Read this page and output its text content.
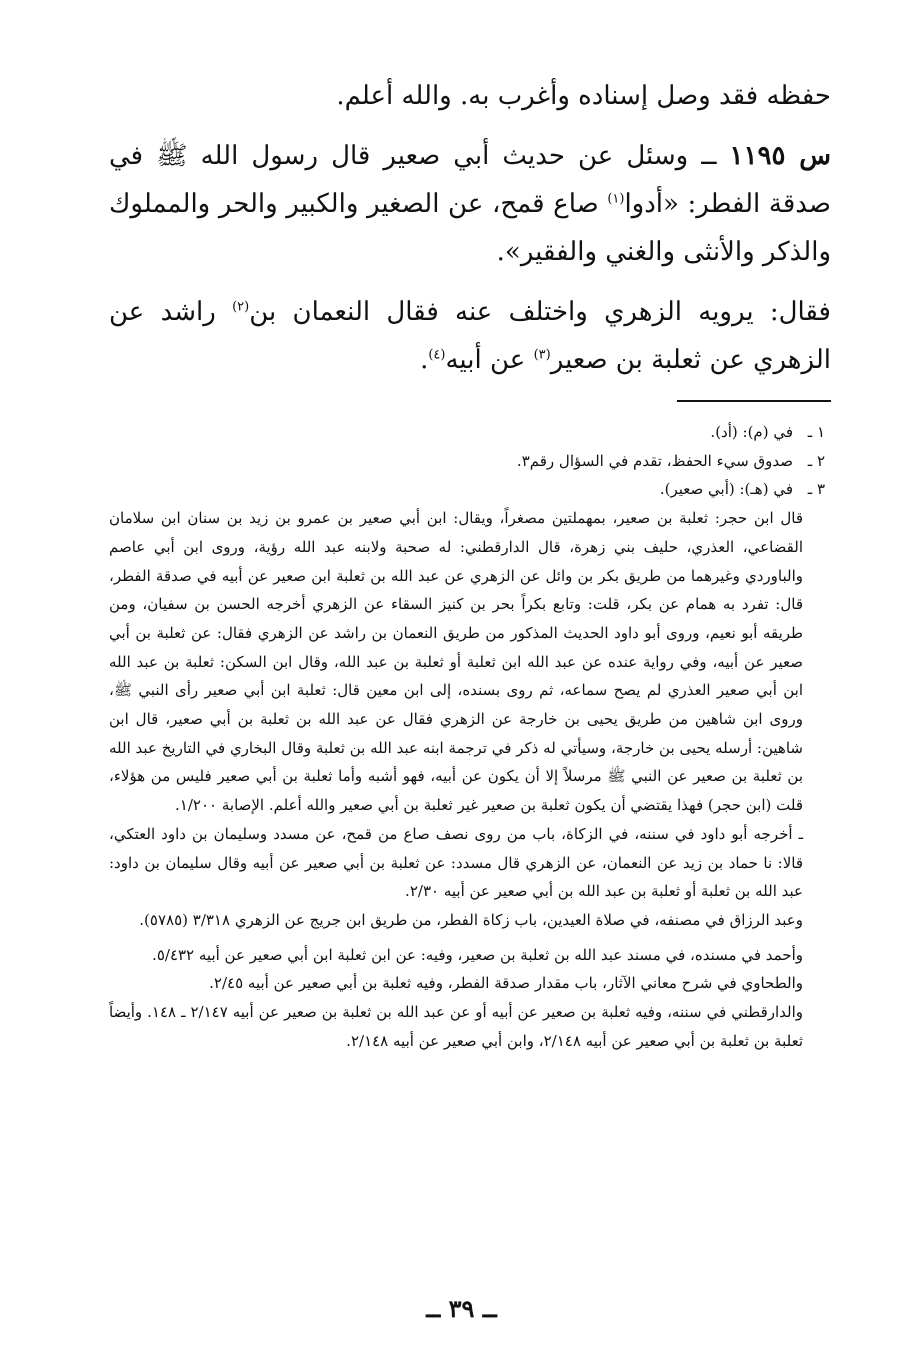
حفظه فقد وصل إسناده وأغرب به. والله أعلم.

س ١١٩٥ ــ وسئل عن حديث أبي صعير قال رسول الله ﷺ في صدقة الفطر: «أدوا$^{(١)}$ صاع قمح، عن الصغير والكبير والحر والمملوك والذكر والأنثى والغني والفقير».

فقال: يرويه الزهري واختلف عنه فقال النعمان بن$^{(٢)}$ راشد عن الزهري عن ثعلبة بن صعير$^{(٣)}$ عن أبيه$^{(٤)}$.

١ ـفي (م): (أد).

٢ ـصدوق سيء الحفظ، تقدم في السؤال رقم٣.

٣ ـفي (هـ): (أبي صعير).

قال ابن حجر: ثعلبة بن صعير، بمهملتين مصغراً، ويقال: ابن أبي صعير بن عمرو بن زيد بن سنان ابن سلامان القضاعي، العذري، حليف بني زهرة، قال الدارقطني: له صحبة ولابنه عبد الله رؤية، وروى ابن أبي عاصم والباوردي وغيرهما من طريق بكر بن وائل عن الزهري عن عبد الله بن ثعلبة ابن صعير عن أبيه في صدقة الفطر، قال: تفرد به همام عن بكر، قلت: وتابع بكراً بحر بن كنيز السقاء عن الزهري أخرجه الحسن بن سفيان، ومن طريقه أبو نعيم، وروى أبو داود الحديث المذكور من طريق النعمان بن راشد عن الزهري فقال: عن ثعلبة بن أبي صعير عن أبيه، وفي رواية عنده عن عبد الله ابن ثعلبة أو ثعلبة بن عبد الله، وقال ابن السكن: ثعلبة بن عبد الله ابن أبي صعير العذري لم يصح سماعه، ثم روى بسنده، إلى ابن معين قال: ثعلبة ابن أبي صعير رأى النبي ﷺ، وروى ابن شاهين من طريق يحيى بن خارجة عن الزهري فقال عن عبد الله بن ثعلبة بن أبي صعير، قال ابن شاهين: أرسله يحيى بن خارجة، وسيأتي له ذكر في ترجمة ابنه عبد الله بن ثعلبة وقال البخاري في التاريخ عبد الله بن ثعلبة بن صعير عن النبي ﷺ مرسلاً إلا أن يكون عن أبيه، فهو أشبه وأما ثعلبة بن أبي صعير فليس من هؤلاء، قلت (ابن حجر) فهذا يقتضي أن يكون ثعلبة بن صعير غير ثعلبة بن أبي صعير والله أعلم. الإصابة ١/٢٠٠.

ـ أخرجه أبو داود في سننه، في الزكاة، باب من روى نصف صاع من قمح، عن مسدد وسليمان بن داود العتكي، قالا: نا حماد بن زيد عن النعمان، عن الزهري قال مسدد: عن ثعلبة بن أبي صعير عن أبيه وقال سليمان بن داود: عبد الله بن ثعلبة أو ثعلبة بن عبد الله بن أبي صعير عن أبيه ٢/٣٠.

وعبد الرزاق في مصنفه، في صلاة العيدين، باب زكاة الفطر، من طريق ابن جريج عن الزهري ٣/٣١٨ (٥٧٨٥).

وأحمد في مسنده، في مسند عبد الله بن ثعلبة بن صعير، وفيه: عن ابن ثعلبة ابن أبي صعير عن أبيه ٥/٤٣٢.

والطحاوي في شرح معاني الآثار، باب مقدار صدقة الفطر، وفيه ثعلبة بن أبي صعير عن أبيه ٢/٤٥.

والدارقطني في سننه، وفيه ثعلبة بن صعير عن أبيه أو عن عبد الله بن ثعلبة بن صعير عن أبيه ٢/١٤٧ ـ ١٤٨. وأيضاً ثعلبة بن ثعلبة بن أبي صعير عن أبيه ٢/١٤٨، وابن أبي صعير عن أبيه ٢/١٤٨.

ــ ٣٩ ــ
